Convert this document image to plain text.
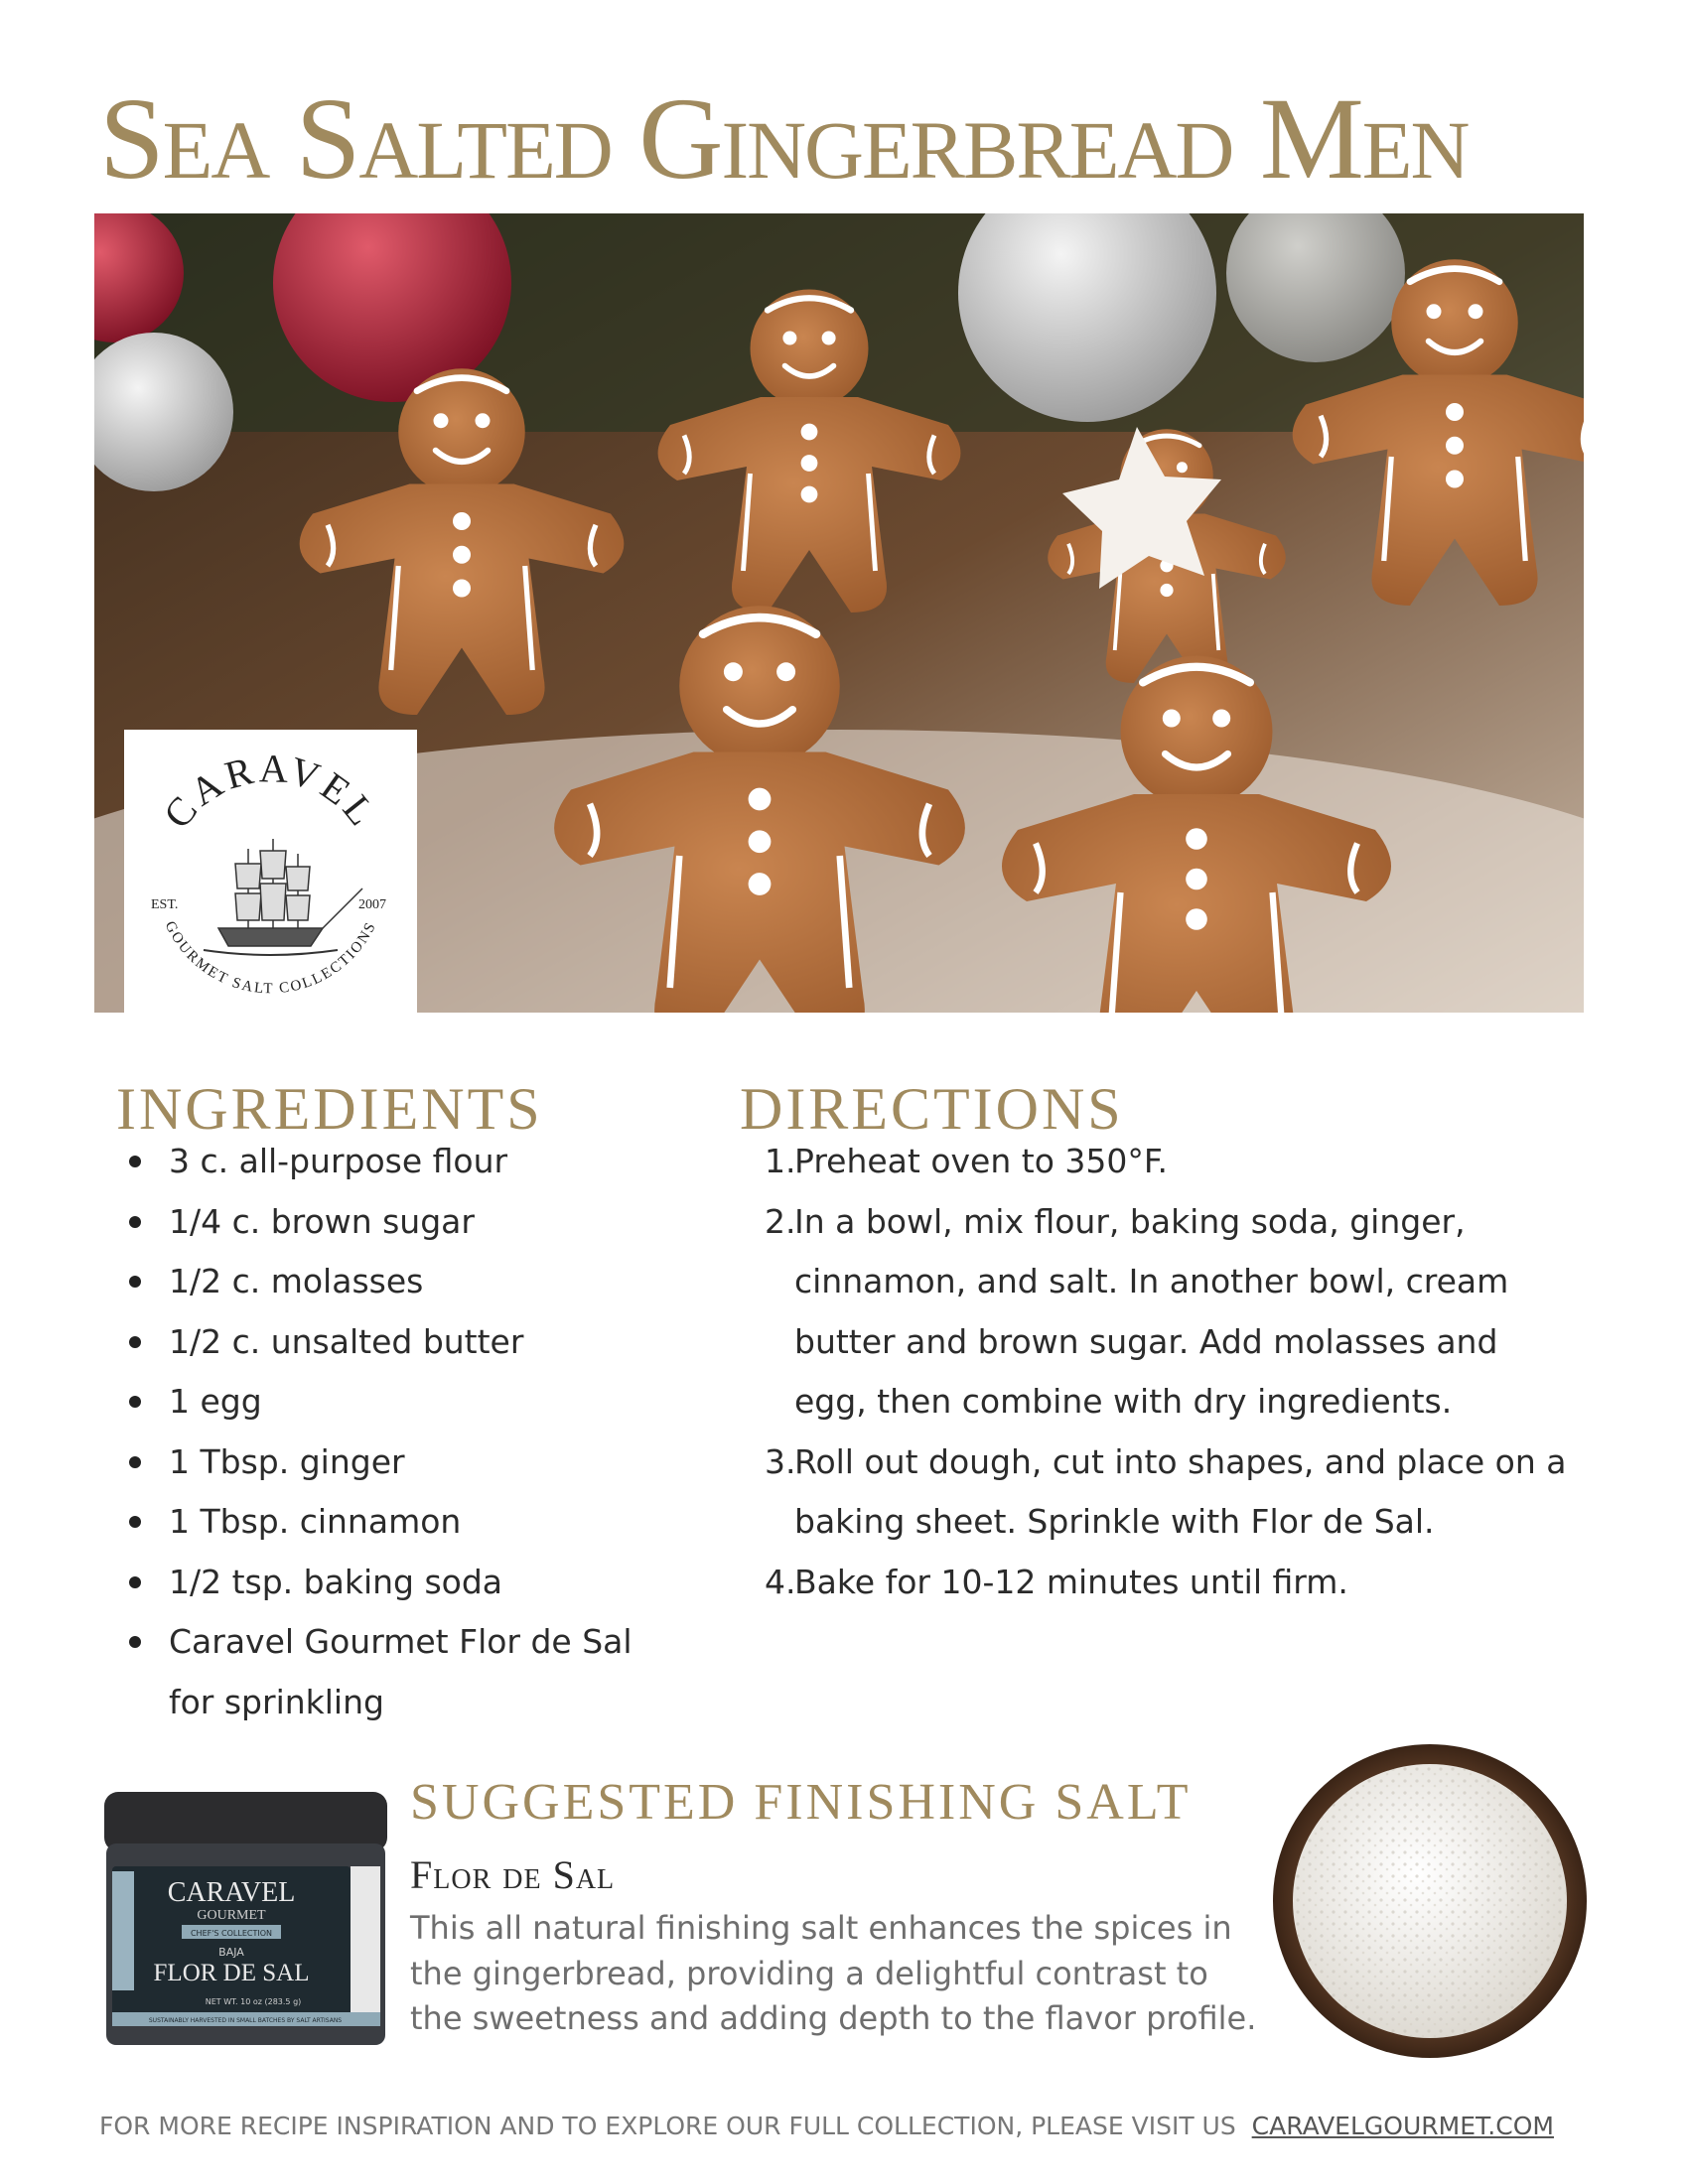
Sea Salted Gingerbread Men
CARAVEL
GOURMET SALT COLLECTIONS
EST.	2007
INGREDIENTS
3 c. all-purpose flour
1/4 c. brown sugar
1/2 c. molasses
1/2 c. unsalted butter
1 egg
1 Tbsp. ginger
1 Tbsp. cinnamon
1/2 tsp. baking soda
Caravel Gourmet Flor de Sal for sprinkling
DIRECTIONS
1.
Preheat oven to 350°F.
2.
In a bowl, mix flour, baking soda, ginger, cinnamon, and salt. In another bowl, cream butter and brown sugar. Add molasses and egg, then combine with dry ingredients.
3.
Roll out dough, cut into shapes, and place on a baking sheet. Sprinkle with Flor de Sal.
4.
Bake for 10-12 minutes until firm.
CARAVEL
GOURMET
CHEF'S COLLECTION
BAJA
FLOR DE SAL
NET WT. 10 oz (283.5 g)
SUSTAINABLY HARVESTED IN SMALL BATCHES BY SALT ARTISANS
SUGGESTED FINISHING SALT
Flor de Sal

This all natural finishing salt enhances the spices in the gingerbread, providing a delightful contrast to the sweetness and adding depth to the flavor profile.

FOR MORE RECIPE INSPIRATION AND TO EXPLORE OUR FULL COLLECTION, PLEASE VISIT US CARAVELGOURMET.COM
